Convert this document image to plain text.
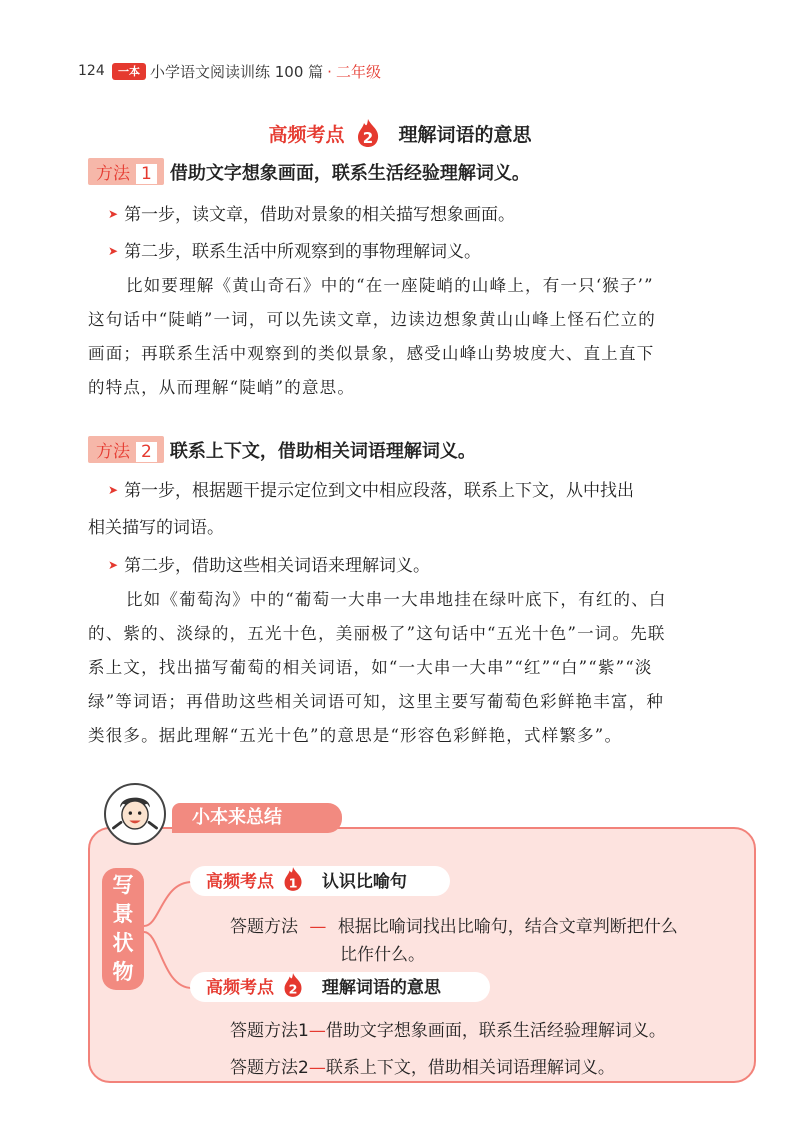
124	一本 小学语文阅读训练 100 篇 · 二年级
高频考点 2 理解词语的意思
方法 1 借助文字想象画面，联系生活经验理解词义。
➤ 第一步，读文章，借助对景象的相关描写想象画面。
➤ 第二步，联系生活中所观察到的事物理解词义。
比如要理解《黄山奇石》中的“在一座陡峭的山峰上，有一只‘猴子’”
这句话中“陡峭”一词，可以先读文章，边读边想象黄山山峰上怪石伫立的
画面；再联系生活中观察到的类似景象，感受山峰山势坡度大、直上直下
的特点，从而理解“陡峭”的意思。
方法 2 联系上下文，借助相关词语理解词义。
➤ 第一步，根据题干提示定位到文中相应段落，联系上下文，从中找出
相关描写的词语。
➤ 第二步，借助这些相关词语来理解词义。
比如《葡萄沟》中的“葡萄一大串一大串地挂在绿叶底下，有红的、白
的、紫的、淡绿的，五光十色，美丽极了”这句话中“五光十色”一词。先联
系上文，找出描写葡萄的相关词语，如“一大串一大串”“红”“白”“紫”“淡
绿”等词语；再借助这些相关词语可知，这里主要写葡萄色彩鲜艳丰富，种
类很多。据此理解“五光十色”的意思是“形容色彩鲜艳，式样繁多”。
小本来总结
写
景
状
物
高频考点 1 认识比喻句
答题方法 — 根据比喻词找出比喻句，结合文章判断把什么
比作什么。
高频考点 2 理解词语的意思
答题方法1—借助文字想象画面，联系生活经验理解词义。
答题方法2—联系上下文，借助相关词语理解词义。
